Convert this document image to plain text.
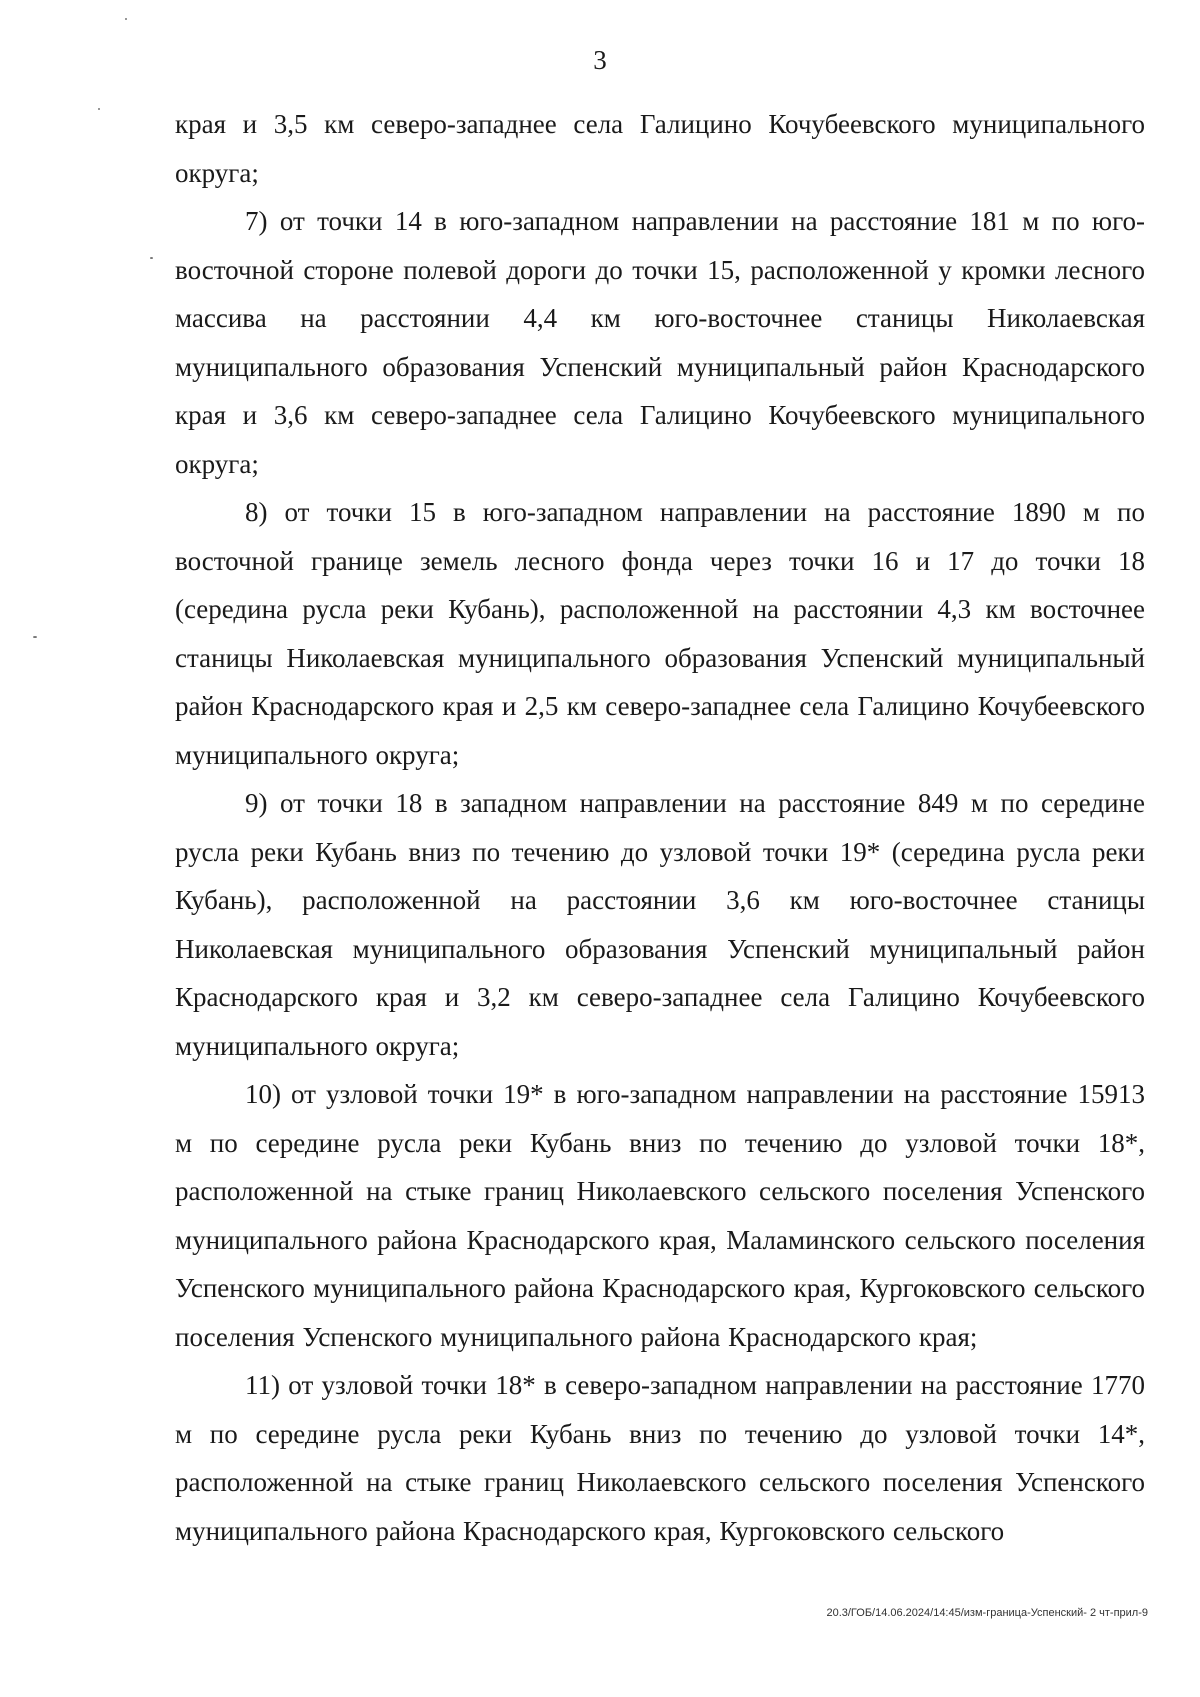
3

края и 3,5 км северо-западнее села Галицино Кочубеевского муниципального округа;

7) от точки 14 в юго-западном направлении на расстояние 181 м по юго-восточной стороне полевой дороги до точки 15, расположенной у кромки лесного массива на расстоянии 4,4 км юго-восточнее станицы Николаевская муниципального образования Успенский муниципальный район Краснодарского края и 3,6 км северо-западнее села Галицино Кочубеевского муниципального округа;

8) от точки 15 в юго-западном направлении на расстояние 1890 м по восточной границе земель лесного фонда через точки 16 и 17 до точки 18 (середина русла реки Кубань), расположенной на расстоянии 4,3 км восточнее станицы Николаевская муниципального образования Успенский муниципальный район Краснодарского края и 2,5 км северо-западнее села Галицино Кочубеевского муниципального округа;

9) от точки 18 в западном направлении на расстояние 849 м по середине русла реки Кубань вниз по течению до узловой точки 19* (середина русла реки Кубань), расположенной на расстоянии 3,6 км юго-восточнее станицы Николаевская муниципального образования Успенский муниципальный район Краснодарского края и 3,2 км северо-западнее села Галицино Кочубеевского муниципального округа;

10) от узловой точки 19* в юго-западном направлении на расстояние 15913 м по середине русла реки Кубань вниз по течению до узловой точки 18*, расположенной на стыке границ Николаевского сельского поселения Успенского муниципального района Краснодарского края, Маламинского сельского поселения Успенского муниципального района Краснодарского края, Кургоковского сельского поселения Успенского муниципального района Краснодарского края;

11) от узловой точки 18* в северо-западном направлении на расстояние 1770 м по середине русла реки Кубань вниз по течению до узловой точки 14*, расположенной на стыке границ Николаевского сельского поселения Успенского муниципального района Краснодарского края, Кургоковского сельского

20.3/ГОБ/14.06.2024/14:45/изм-граница-Успенский- 2 чт-прил-9
